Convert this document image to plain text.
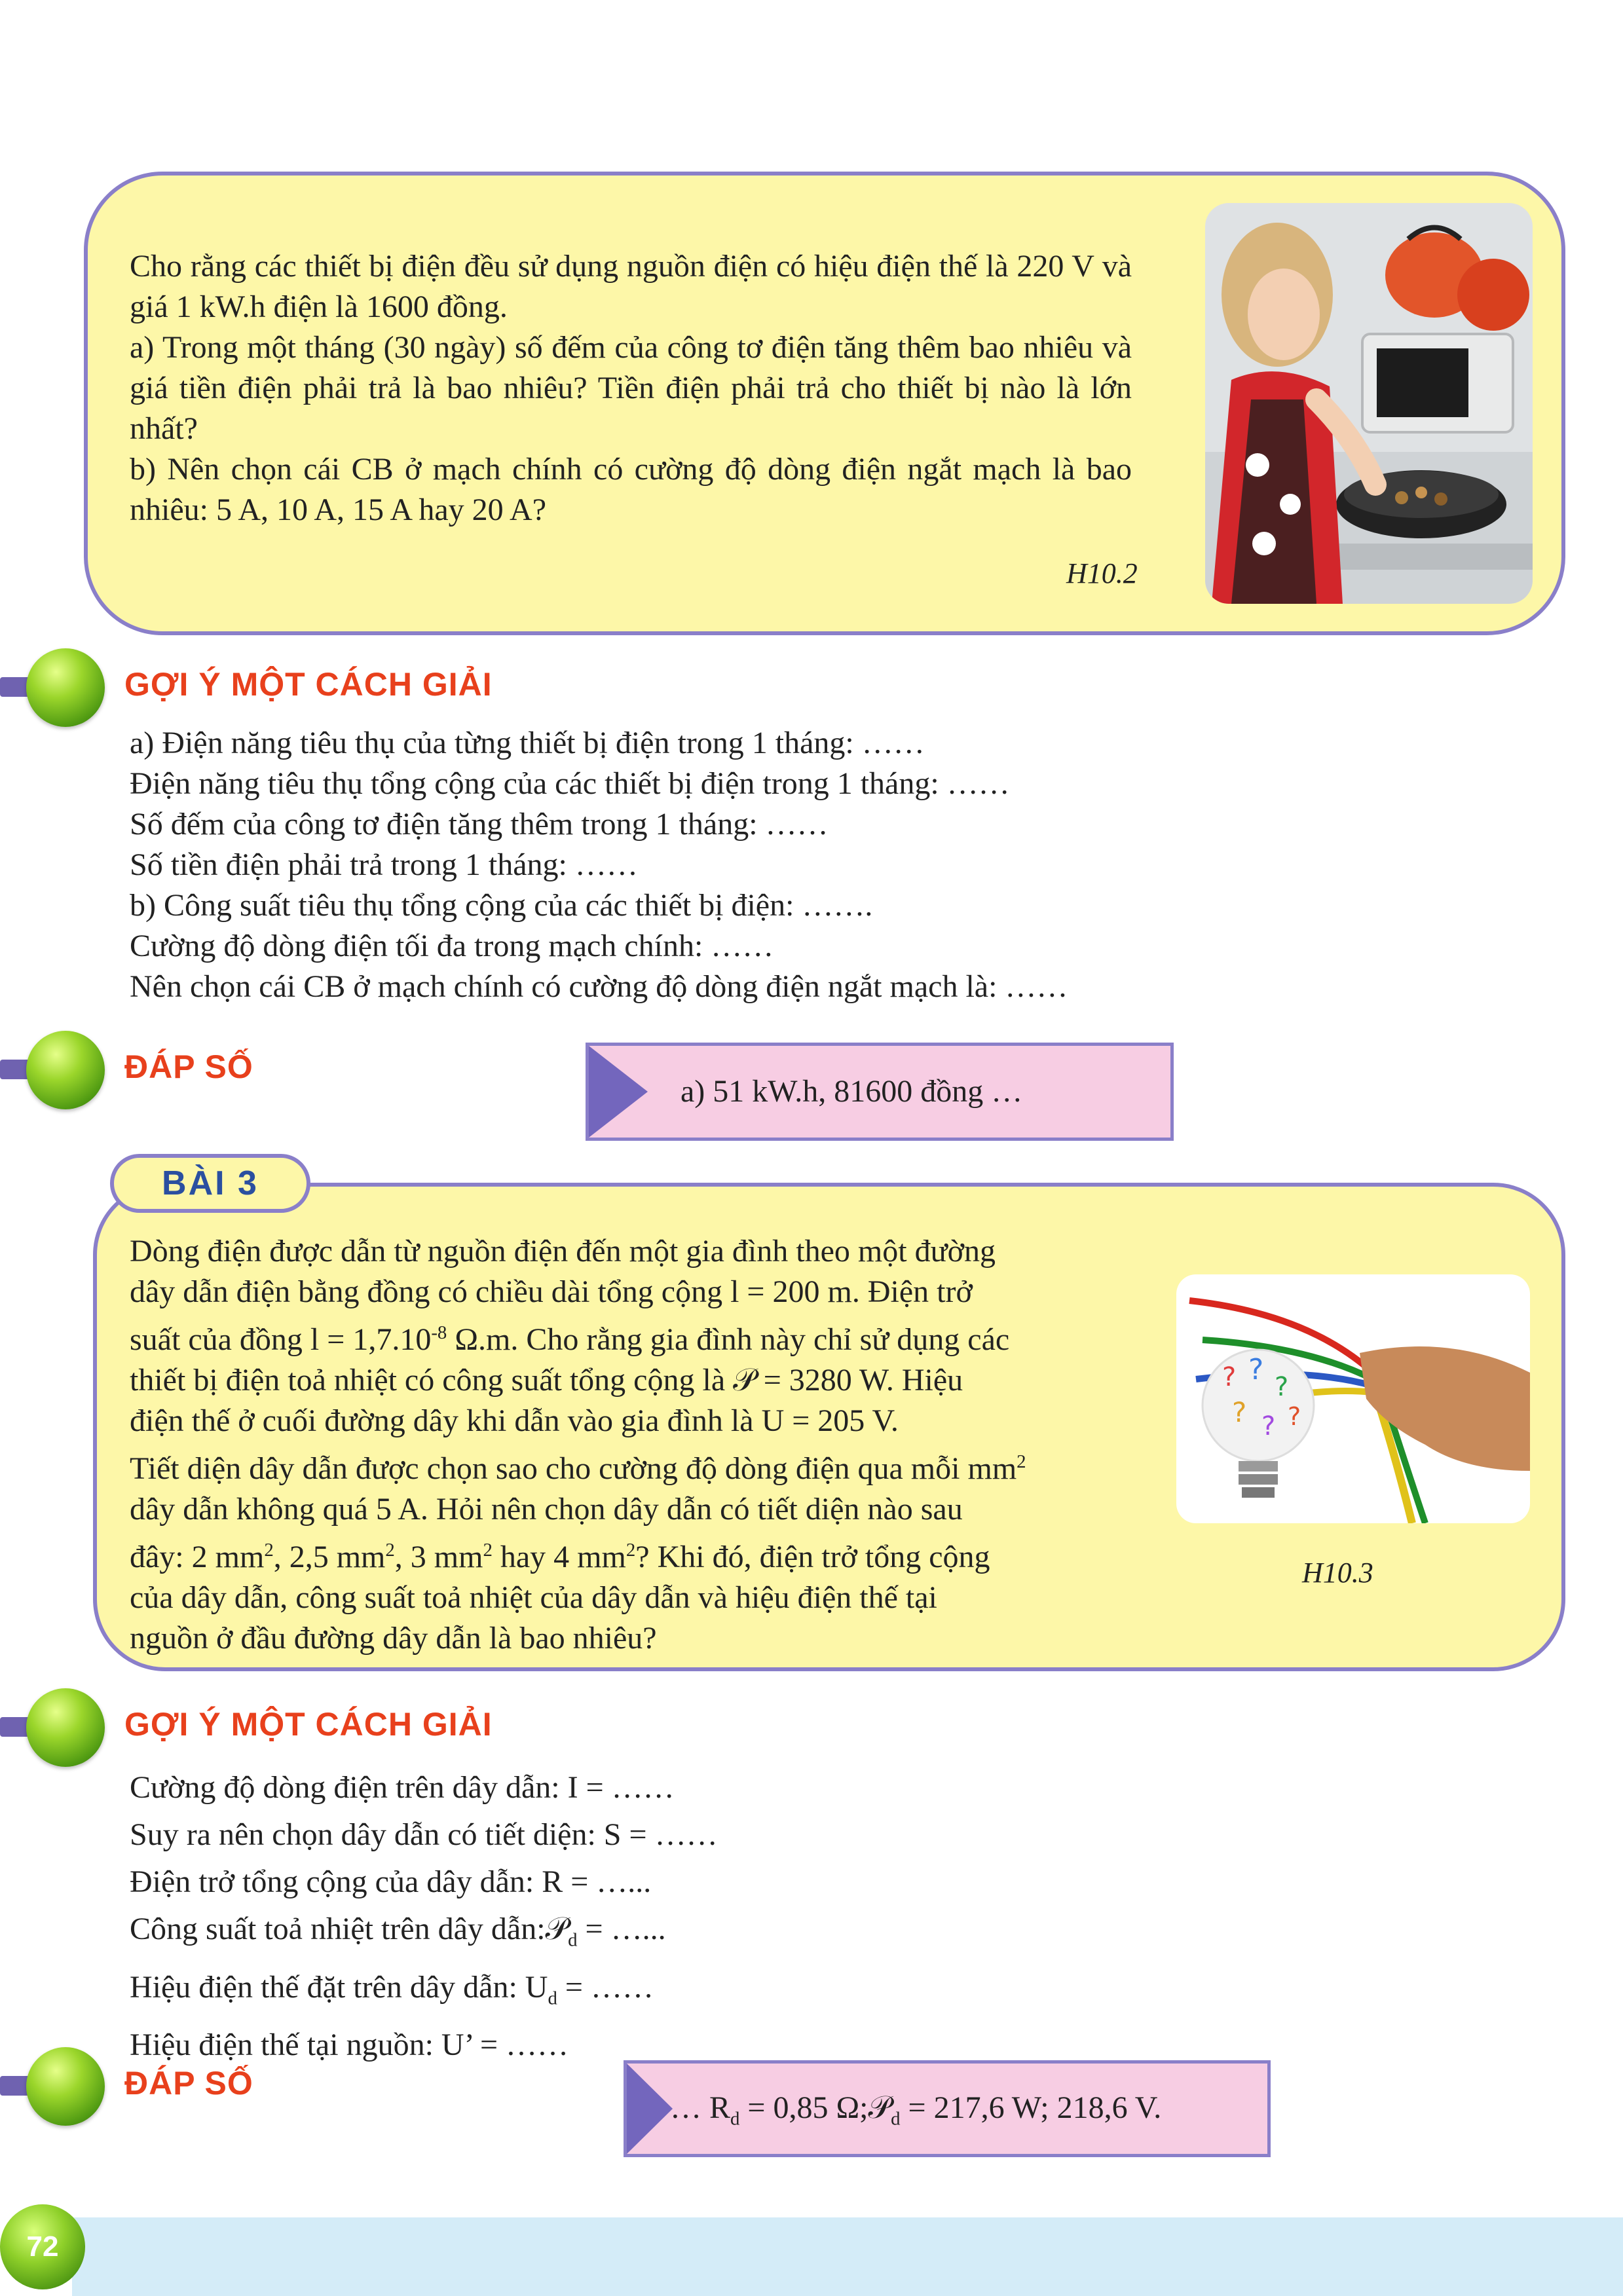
Cho rằng các thiết bị điện đều sử dụng nguồn điện có hiệu điện thế là 220 V và giá 1 kW.h điện là 1600 đồng.

a) Trong một tháng (30 ngày) số đếm của công tơ điện tăng thêm bao nhiêu và giá tiền điện phải trả là bao nhiêu? Tiền điện phải trả cho thiết bị nào là lớn nhất?

b) Nên chọn cái CB ở mạch chính có cường độ dòng điện ngắt mạch là bao nhiêu: 5 A, 10 A, 15 A hay 20 A?

H10.2
GỢI Ý MỘT CÁCH GIẢI
a) Điện năng tiêu thụ của từng thiết bị điện trong 1 tháng: ……
Điện năng tiêu thụ tổng cộng của các thiết bị điện trong 1 tháng: ……
Số đếm của công tơ điện tăng thêm trong 1 tháng: ……
Số tiền điện phải trả trong 1 tháng: ……
b) Công suất tiêu thụ tổng cộng của các thiết bị điện: …….
Cường độ dòng điện tối đa trong mạch chính: ……
Nên chọn cái CB ở mạch chính có cường độ dòng điện ngắt mạch là: ……
ĐÁP SỐ
a) 51 kW.h, 81600 đồng …
BÀI 3

Dòng điện được dẫn từ nguồn điện đến một gia đình theo một đường

dây dẫn điện bằng đồng có chiều dài tổng cộng l = 200 m. Điện trở

suất của đồng $l = 1,7.10^{-8}$ Ω.m. Cho rằng gia đình này chỉ sử dụng các

thiết bị điện toả nhiệt có công suất tổng cộng là 𝒫 = 3280 W. Hiệu

điện thế ở cuối đường dây khi dẫn vào gia đình là U = 205 V.

Tiết diện dây dẫn được chọn sao cho cường độ dòng điện qua mỗi $mm^2$

dây dẫn không quá 5 A. Hỏi nên chọn dây dẫn có tiết diện nào sau

đây: 2 $mm^2$, 2,5 $mm^2$, 3 $mm^2$ hay 4 $mm^2$? Khi đó, điện trở tổng cộng

của dây dẫn, công suất toả nhiệt của dây dẫn và hiệu điện thế tại

nguồn ở đầu đường dây dẫn là bao nhiêu?

? ?
?
? ? ?
H10.3
GỢI Ý MỘT CÁCH GIẢI
Cường độ dòng điện trên dây dẫn: I = ……
Suy ra nên chọn dây dẫn có tiết diện: S = ……
Điện trở tổng cộng của dây dẫn: R = …...
Công suất toả nhiệt trên dây dẫn:𝒫$_d$ = …...
Hiệu điện thế đặt trên dây dẫn: $U_d$ = ……
Hiệu điện thế tại nguồn: U’ = ……
ĐÁP SỐ
… $R_d = 0,85$ Ω;𝒫$_d$ = 217,6 W; 218,6 V.
72
